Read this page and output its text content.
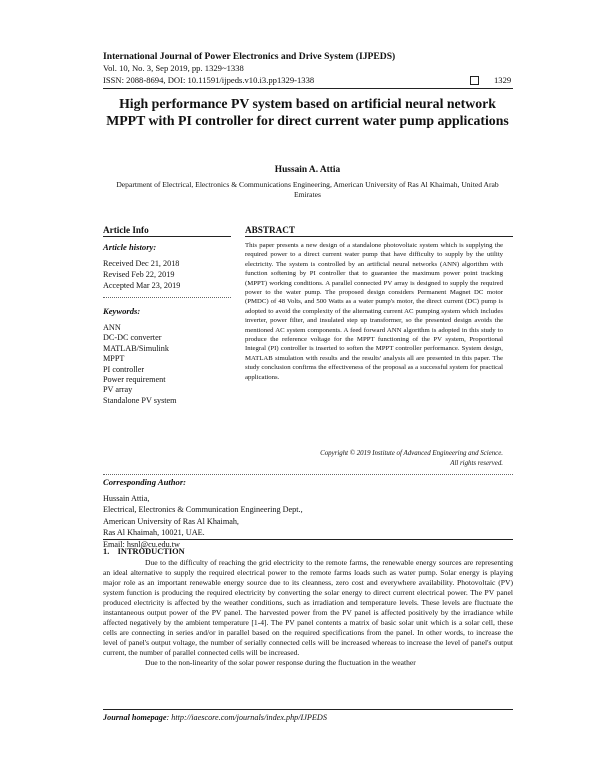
International Journal of Power Electronics and Drive System (IJPEDS)
Vol. 10, No. 3, Sep 2019, pp. 1329~1338
ISSN: 2088-8694, DOI: 10.11591/ijpeds.v10.i3.pp1329-1338	1329
High performance PV system based on artificial neural network MPPT with PI controller for direct current water pump applications
Hussain A. Attia
Department of Electrical, Electronics & Communications Engineering, American University of Ras Al Khaimah, United Arab Emirates
Article Info
Article history:
Received Dec 21, 2018
Revised Feb 22, 2019
Accepted Mar 23, 2019
Keywords:
ANN
DC-DC converter
MATLAB/Simulink
MPPT
PI controller
Power requirement
PV array
Standalone PV system
ABSTRACT
This paper presents a new design of a standalone photovoltaic system which is supplying the required power to a direct current water pump that have difficulty to supply by the utility electricity. The system is controlled by an artificial neural networks (ANN) algorithm with function softening by PI controller that to guarantee the maximum power point tracking (MPPT) working conditions. A parallel connected PV array is designed to supply the required power to the water pump. The proposed design considers Permanent Magnet DC motor (PMDC) of 48 Volts, and 500 Watts as a water pump's motor, the direct current (DC) pump is adopted to avoid the complexity of the alternating current AC pumping system which includes inverter, power filter, and insulated step up transformer, so the presented design avoids the mentioned AC system components. A feed forward ANN algorithm is adopted in this study to produce the reference voltage for the MPPT functioning of the PV system, Proportional Integral (PI) controller is inserted to soften the MPPT controller performance. System design, MATLAB simulation with results and the results' analysis all are presented in this paper. The study conclusion confirms the effectiveness of the proposal as a successful system for practical applications.
Copyright © 2019 Institute of Advanced Engineering and Science.
All rights reserved.
Corresponding Author:
Hussain Attia,
Electrical, Electronics & Communication Engineering Dept.,
American University of Ras Al Khaimah,
Ras Al Khaimah, 10021, UAE.
Email: hsnl@cu.edu.tw
1.    INTRODUCTION

Due to the difficulty of reaching the grid electricity to the remote farms, the renewable energy sources are representing an ideal alternative to supply the required electrical power to the remote farms loads such as water pump. Solar energy is playing major role as an important renewable energy source due to its cleanness, zero cost and everywhere availability. Photovoltaic (PV) system function is producing the required electricity by converting the solar energy to direct current electrical power. The PV panel produced electricity is affected by the weather conditions, such as irradiation and temperature levels. These levels are fluctuate the instantaneous output power of the PV panel. The harvested power from the PV panel is affected positively by the irradiance while affected negatively by the ambient temperature [1-4]. The PV panel contents a matrix of basic solar unit which is a solar cell, these cells are connecting in series and/or in parallel based on the required specifications from the panel. In other words, to increase the level of panel's output voltage, the number of serially connected cells will be increased whereas to increase the level of panel's output current, the number of parallel connected cells will be increased.

Due to the non-linearity of the solar power response during the fluctuation in the weather

Journal homepage: http://iaescore.com/journals/index.php/IJPEDS
